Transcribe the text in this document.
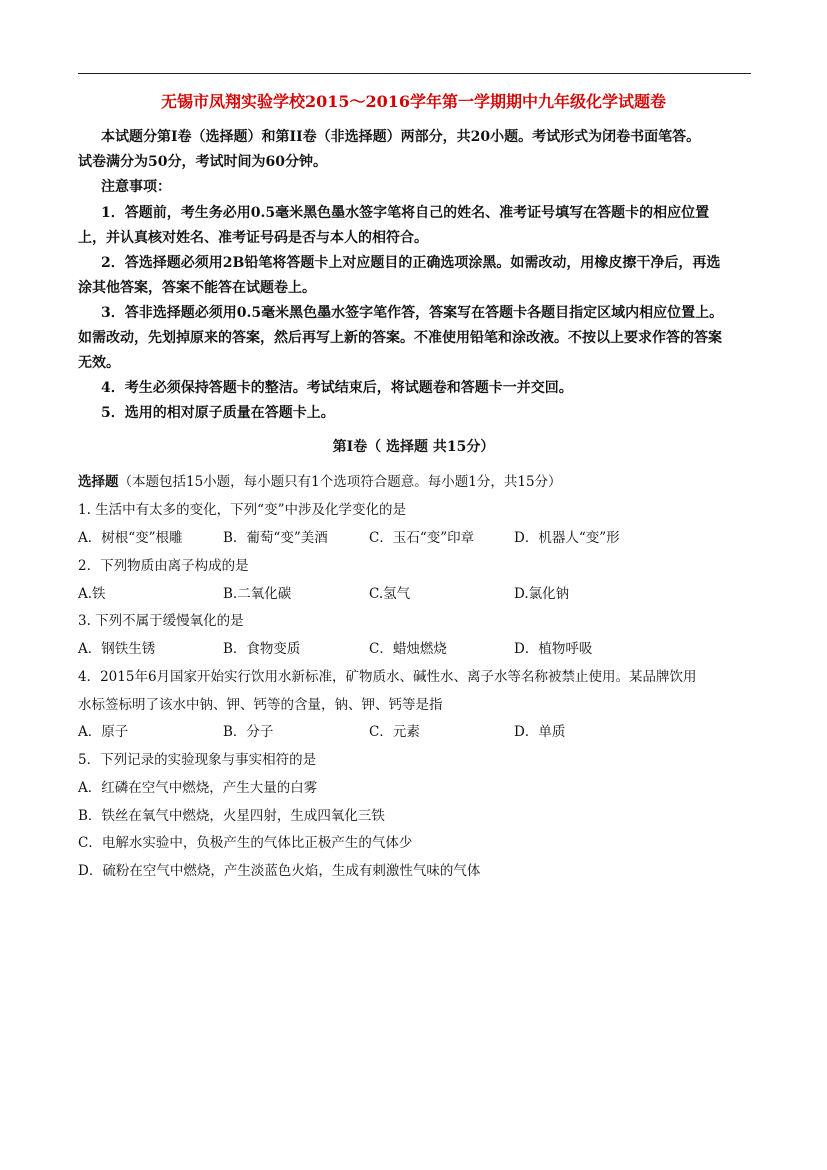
无锡市凤翔实验学校2015～2016学年第一学期期中九年级化学试题卷
本试题分第Ⅰ卷（选择题）和第II卷（非选择题）两部分，共20小题。考试形式为闭卷书面笔答。
试卷满分为50分，考试时间为60分钟。
注意事项：
1．答题前，考生务必用0.5毫米黑色墨水签字笔将自己的姓名、准考证号填写在答题卡的相应位置
上，并认真核对姓名、准考证号码是否与本人的相符合。
2．答选择题必须用2B铅笔将答题卡上对应题目的正确选项涂黑。如需改动，用橡皮擦干净后，再选
涂其他答案，答案不能答在试题卷上。
3．答非选择题必须用0.5毫米黑色墨水签字笔作答，答案写在答题卡各题目指定区域内相应位置上。
如需改动，先划掉原来的答案，然后再写上新的答案。不准使用铅笔和涂改液。不按以上要求作答的答案
无效。
4．考生必须保持答题卡的整洁。考试结束后，将试题卷和答题卡一并交回。
5．选用的相对原子质量在答题卡上。
第Ⅰ卷（ 选择题 共15分）
选择题（本题包括15小题，每小题只有1个选项符合题意。每小题1分，共15分）
1. 生活中有太多的变化，下列“变”中涉及化学变化的是
A．树根“变”根雕	B．葡萄“变”美酒	C．玉石“变”印章	D．机器人“变”形
2．下列物质由离子构成的是
A.铁	B.二氧化碳	C.氢气	D.氯化钠
3. 下列不属于缓慢氧化的是
A．钢铁生锈	B．食物变质	C．蜡烛燃烧	D．植物呼吸
4．2015年6月国家开始实行饮用水新标准，矿物质水、碱性水、离子水等名称被禁止使用。某品牌饮用
水标签标明了该水中钠、钾、钙等的含量，钠、钾、钙等是指
A．原子	B．分子	C．元素	D．单质
5．下列记录的实验现象与事实相符的是
A．红磷在空气中燃烧，产生大量的白雾
B．铁丝在氧气中燃烧，火星四射，生成四氧化三铁
C．电解水实验中，负极产生的气体比正极产生的气体少
D．硫粉在空气中燃烧，产生淡蓝色火焰，生成有刺激性气味的气体
